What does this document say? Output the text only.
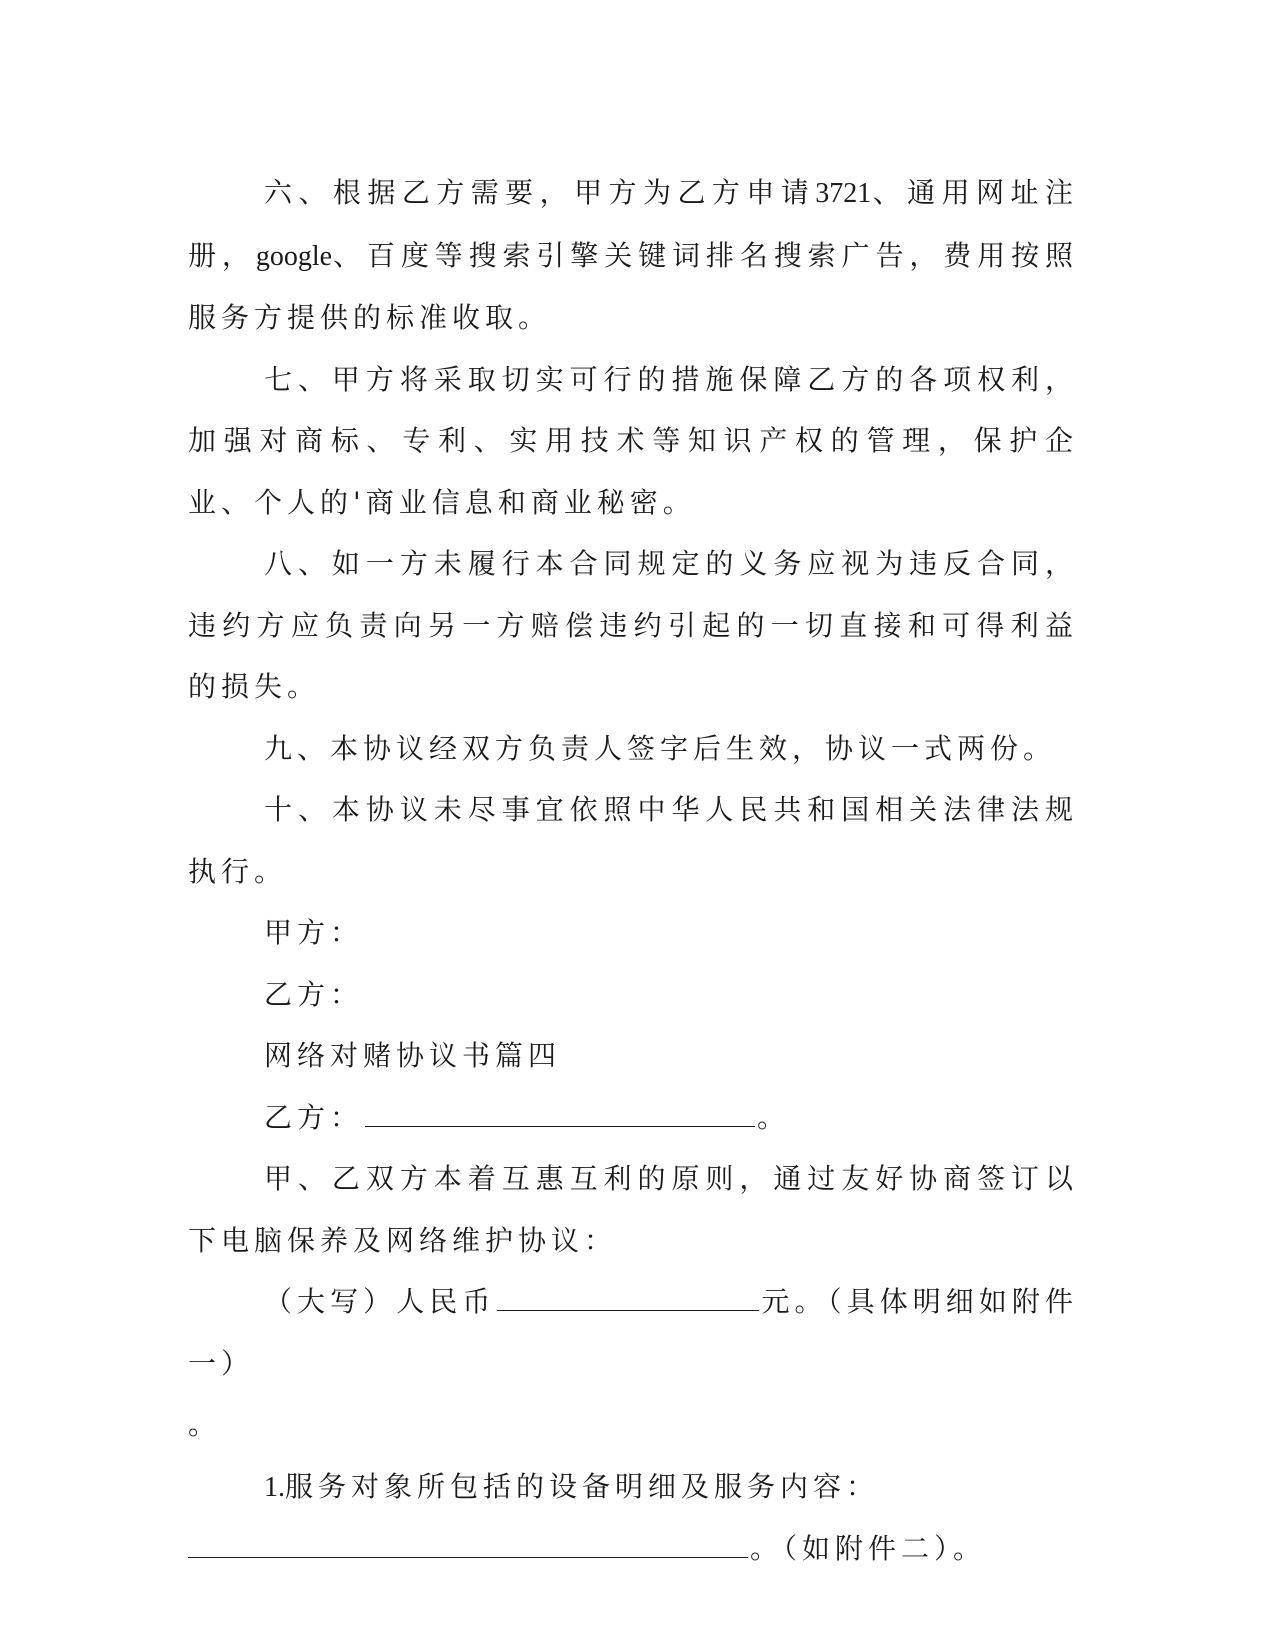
六、根据乙方需要，甲方为乙方申请3721、通用网址注册，google、百度等搜索引擎关键词排名搜索广告，费用按照服务方提供的标准收取。

七、甲方将采取切实可行的措施保障乙方的各项权利，加强对商标、专利、实用技术等知识产权的管理，保护企业、个人的'商业信息和商业秘密。

八、如一方未履行本合同规定的义务应视为违反合同，违约方应负责向另一方赔偿违约引起的一切直接和可得利益的损失。

九、本协议经双方负责人签字后生效，协议一式两份。

十、本协议未尽事宜依照中华人民共和国相关法律法规执行。

甲方：

乙方：

网络对赌协议书篇四

乙方：	。

甲、乙双方本着互惠互利的原则，通过友好协商签订以下电脑保养及网络维护协议：

（大写）人民币	元。（具体明细如附件一）

。

1.服务对象所包括的设备明细及服务内容：

。（如附件二）。
